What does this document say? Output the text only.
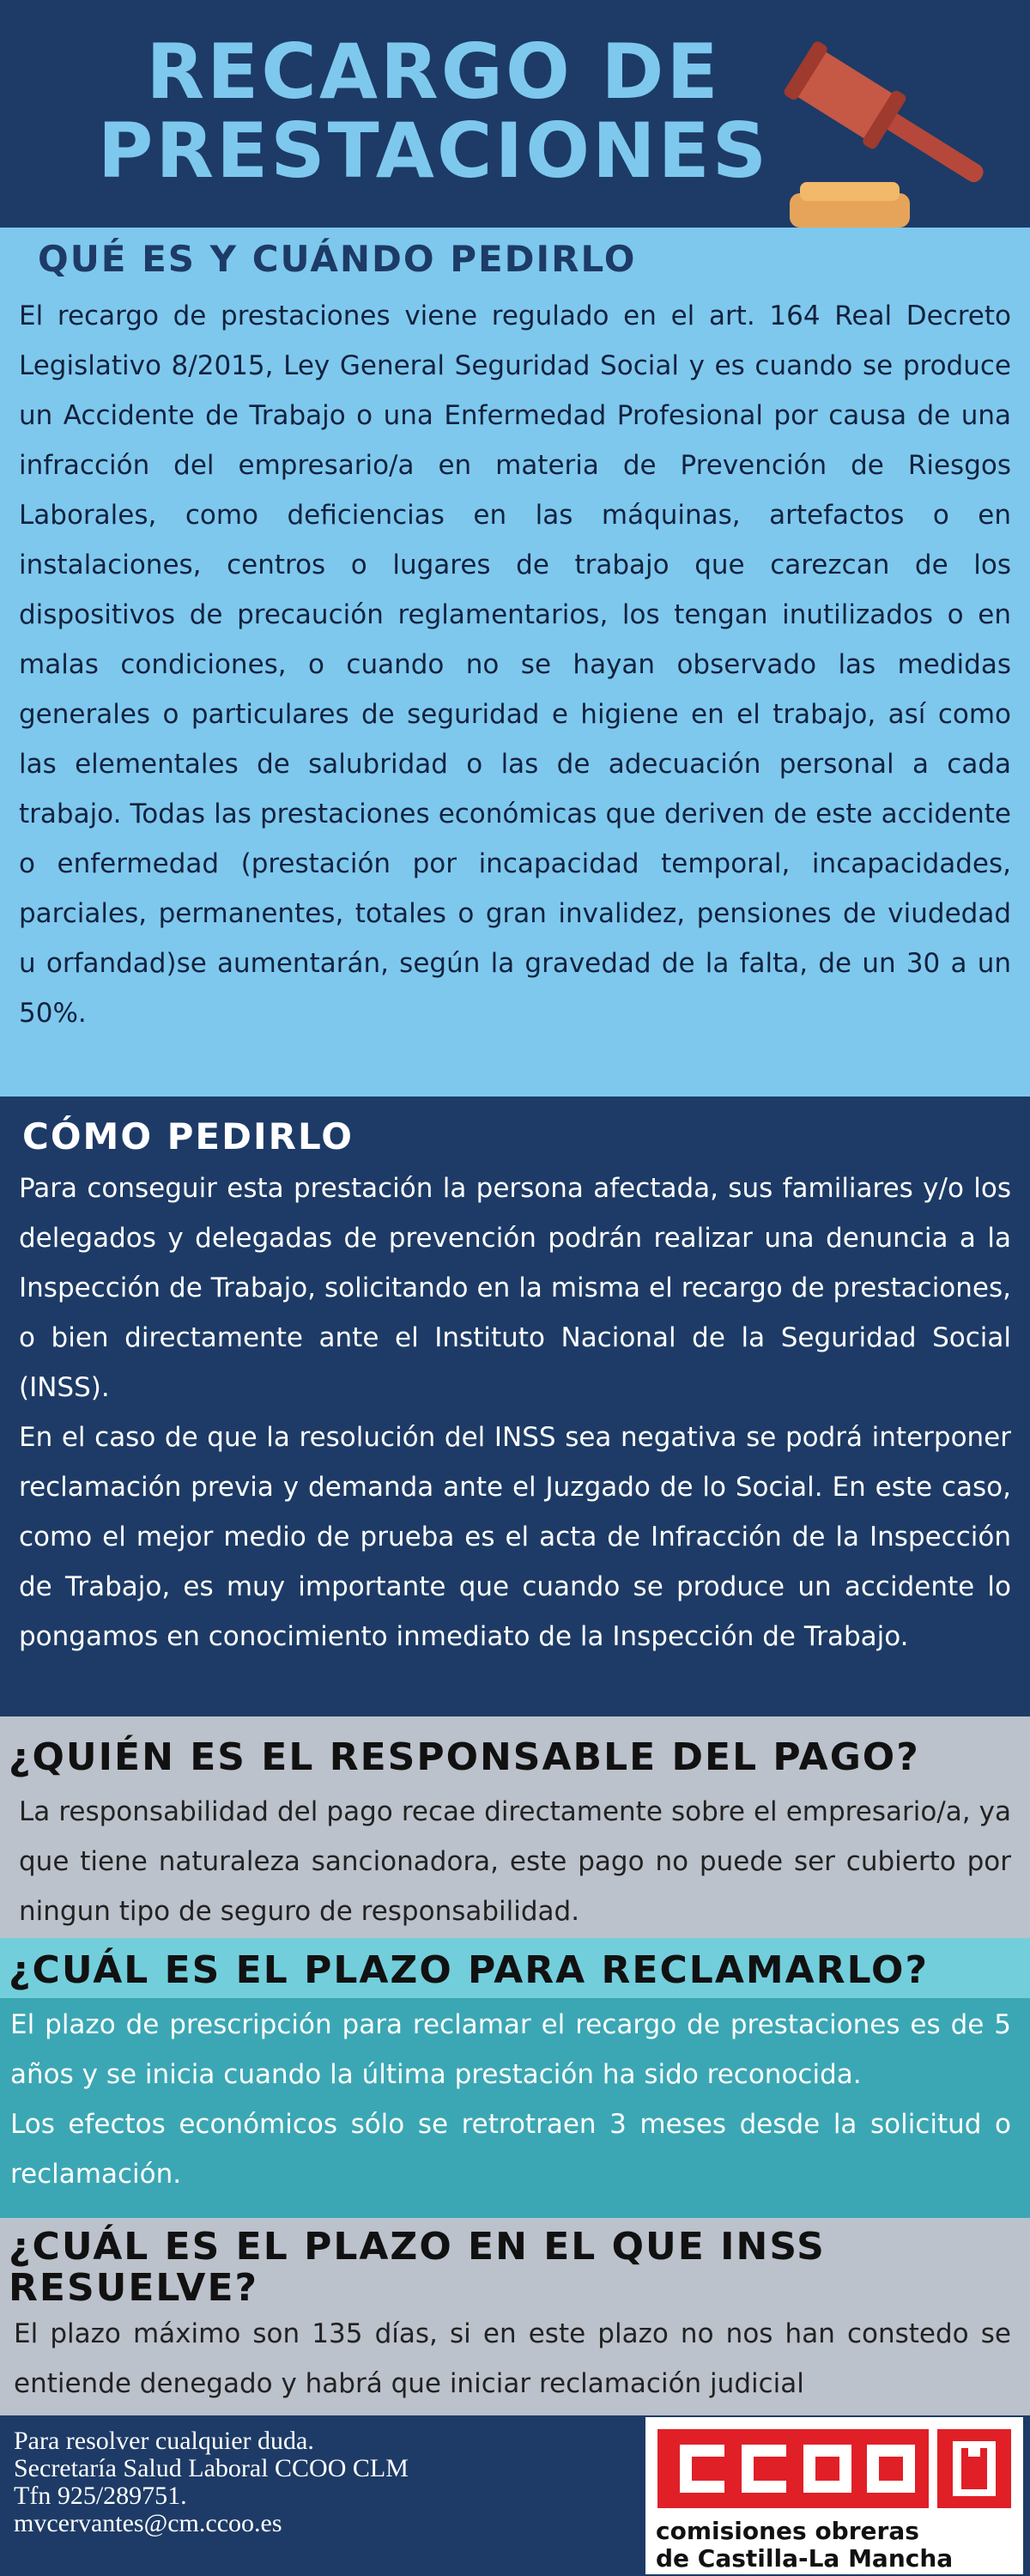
RECARGO DE
PRESTACIONES
QUÉ ES Y CUÁNDO PEDIRLO

El recargo de prestaciones viene regulado en el art. 164 Real Decreto Legislativo 8/2015, Ley General Seguridad Social y es cuando se produce un Accidente de Trabajo o una Enfermedad Profesional por causa de una infracción del empresario/a en materia de Prevención de Riesgos Laborales, como deficiencias en las máquinas, artefactos o en instalaciones, centros o lugares de trabajo que carezcan de los dispositivos de precaución reglamentarios, los tengan inutilizados o en malas condiciones, o cuando no se hayan observado las medidas generales o particulares de seguridad e higiene en el trabajo, así como las elementales de salubridad o las de adecuación personal a cada trabajo. Todas las prestaciones económicas que deriven de este accidente o enfermedad (prestación por incapacidad temporal, incapacidades, parciales, permanentes, totales o gran invalidez, pensiones de viudedad u orfandad)se aumentarán, según la gravedad de la falta, de un 30 a un 50%.

CÓMO PEDIRLO

Para conseguir esta prestación la persona afectada, sus familiares y/o los delegados y delegadas de prevención podrán realizar una denuncia a la Inspección de Trabajo, solicitando en la misma el recargo de prestaciones, o bien directamente ante el Instituto Nacional de la Seguridad Social (INSS).

En el caso de que la resolución del INSS sea negativa se podrá interponer reclamación previa y demanda ante el Juzgado de lo Social. En este caso, como el mejor medio de prueba es el acta de Infracción de la Inspección de Trabajo, es muy importante que cuando se produce un accidente lo pongamos en conocimiento inmediato de la Inspección de Trabajo.

¿QUIÉN ES EL RESPONSABLE DEL PAGO?

La responsabilidad del pago recae directamente sobre el empresario/a, ya que tiene naturaleza sancionadora, este pago no puede ser cubierto por ningun tipo de seguro de responsabilidad.

¿CUÁL ES EL PLAZO PARA RECLAMARLO?

El plazo de prescripción para reclamar el recargo de prestaciones es de 5 años y se inicia cuando la última prestación ha sido reconocida.

Los efectos económicos sólo se retrotraen 3 meses desde la solicitud o reclamación.

¿CUÁL ES EL PLAZO EN EL QUE INSS RESUELVE?

El plazo máximo son 135 días, si en este plazo no nos han constedo se entiende denegado y habrá que iniciar reclamación judicial

Para resolver cualquier duda.
Secretaría Salud Laboral CCOO CLM
Tfn 925/289751.
mvcervantes@cm.ccoo.es	comisiones obreras
de Castilla-La Mancha
